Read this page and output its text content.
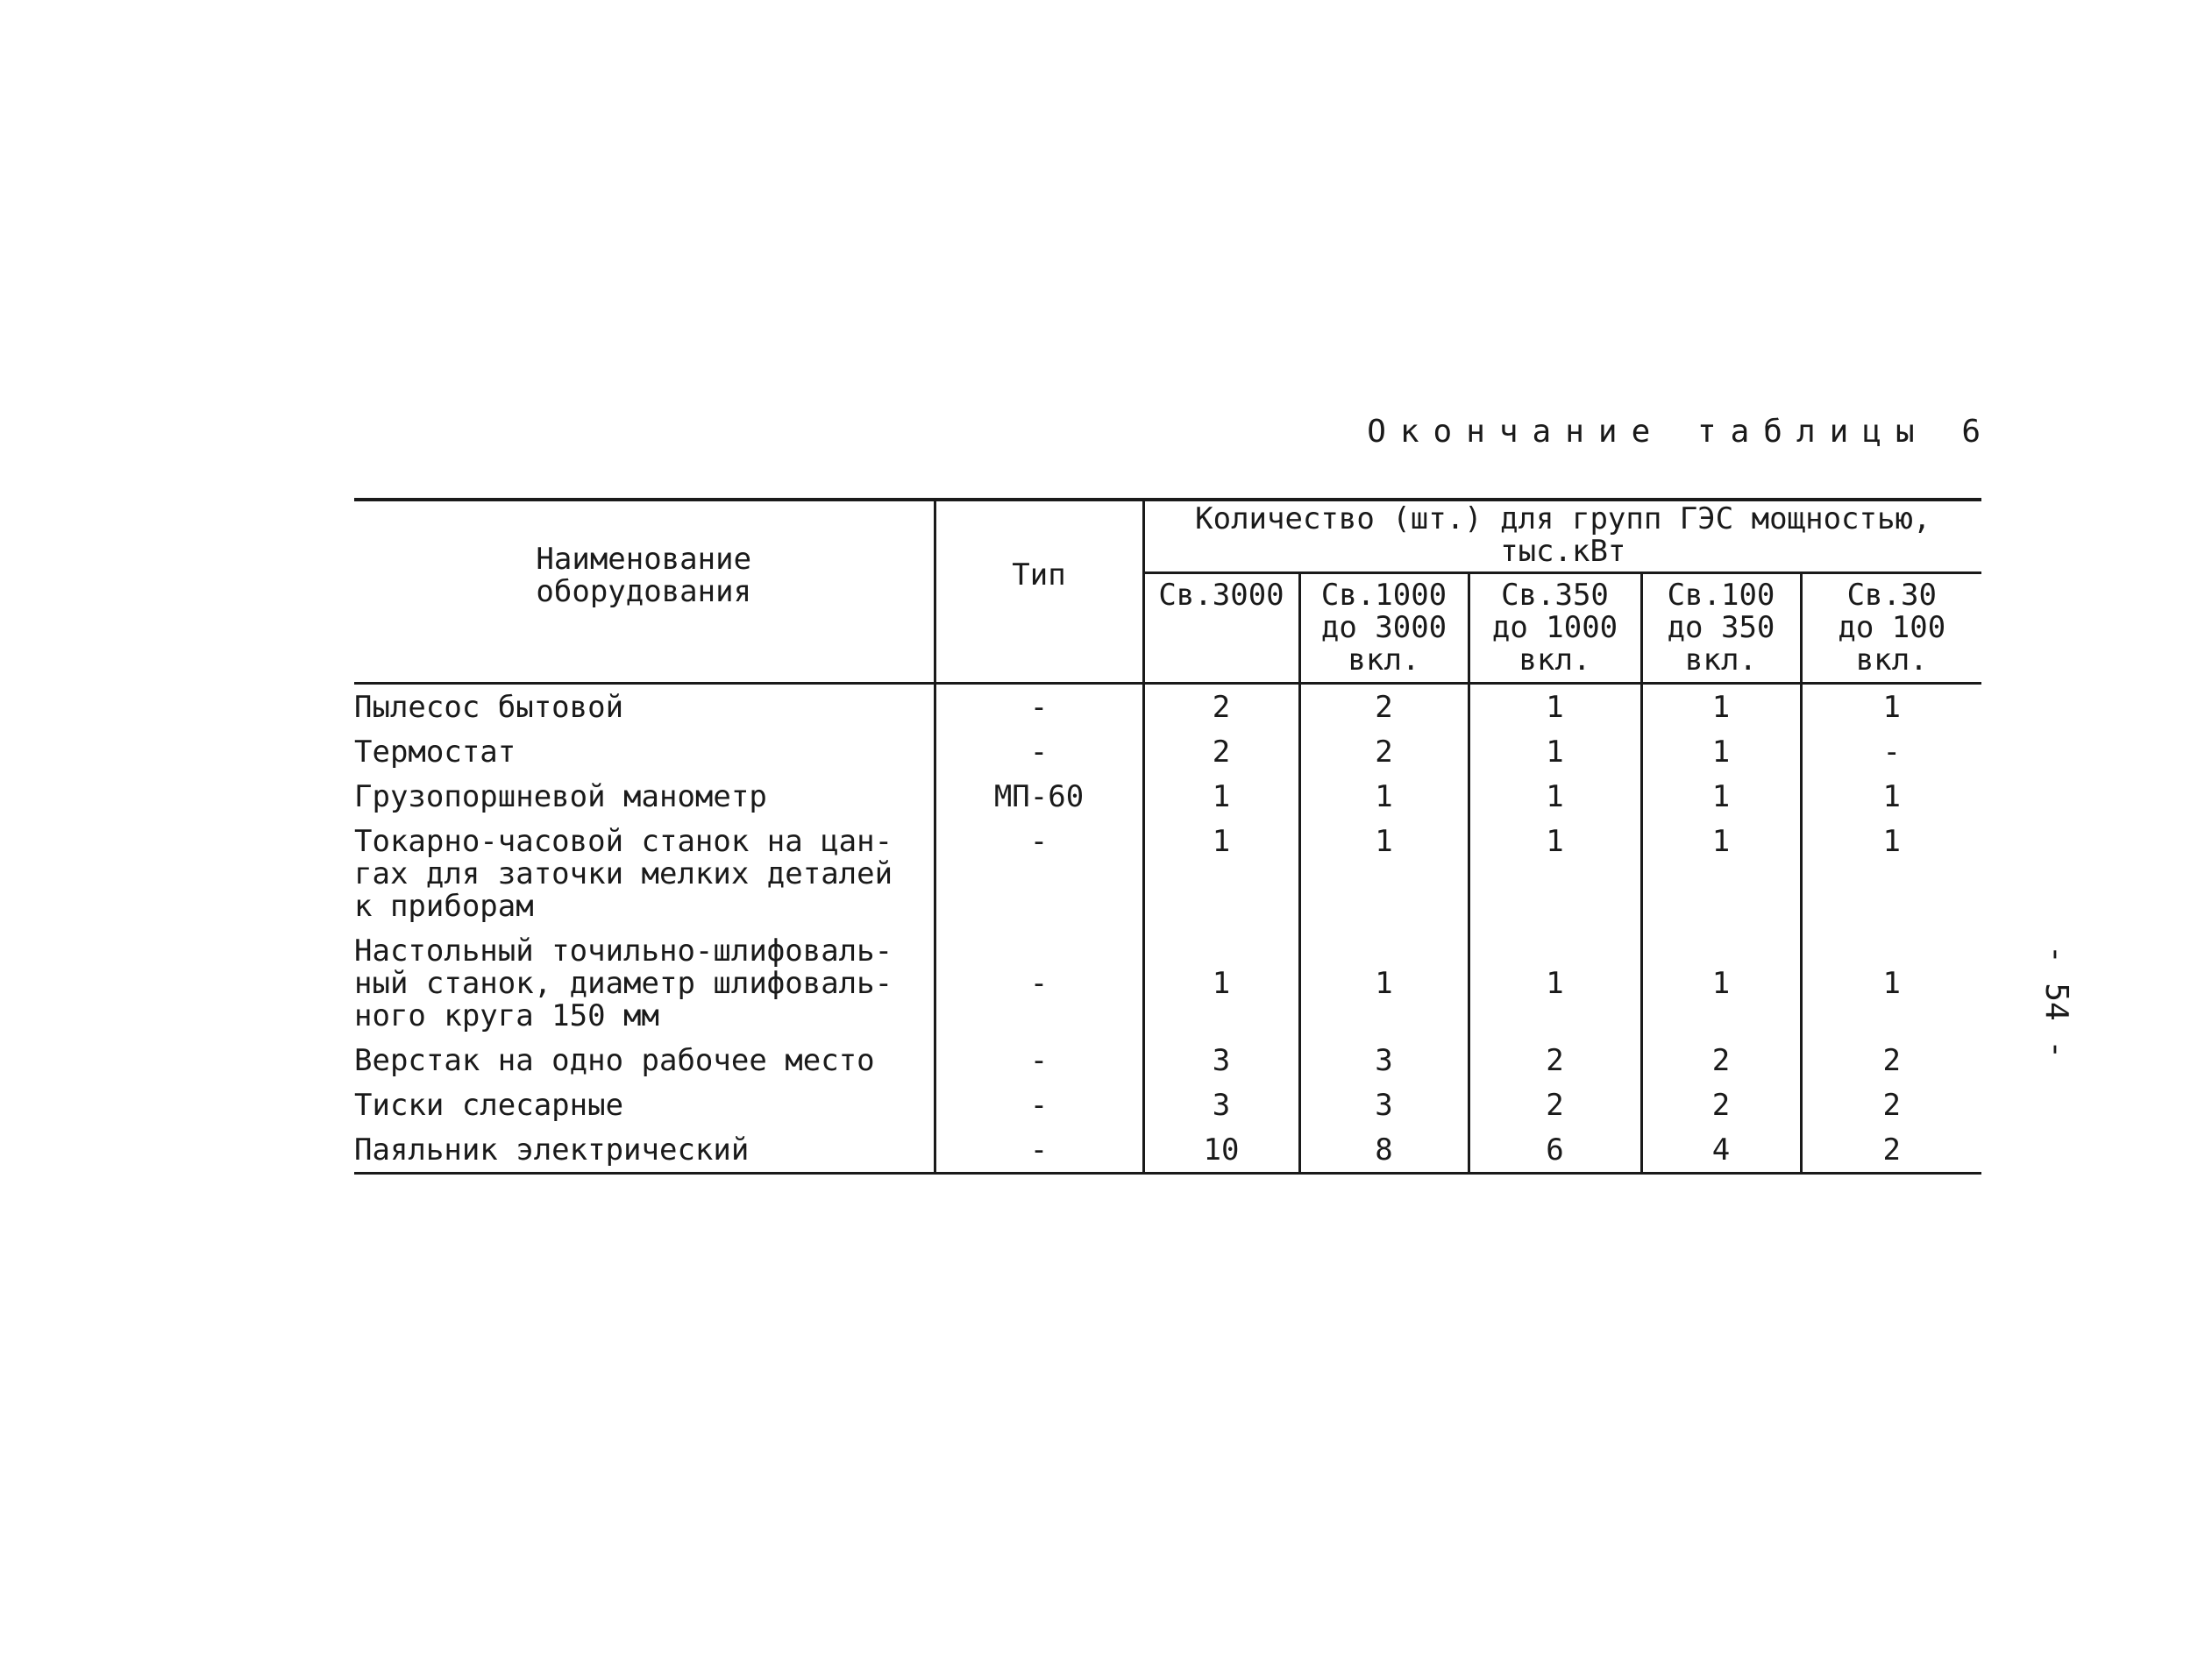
Окончание таблицы 6
Наименование
оборудования	Тип	Количество (шт.) для групп ГЭС мощностью,
тыс.кВт				
		Св.3000	Св.1000
до 3000
вкл.	Св.350
до 1000
вкл.	Св.100
до 350
вкл.	Св.30
до 100
вкл.
Пылесос бытовой	-	2	2	1	1	1
Термостат	-	2	2	1	1	-
Грузопоршневой манометр	МП-60	1	1	1	1	1
Токарно-часовой станок на цан-
гах для заточки мелких деталей
к приборам	-	1	1	1	1	1
Настольный точильно-шлифоваль-
ный станок, диаметр шлифоваль-
ного круга 150 мм	-	1	1	1	1	1
Верстак на одно рабочее место	-	3	3	2	2	2
Тиски слесарные	-	3	3	2	2	2
Паяльник электрический	-	10	8	6	4	2
- 54 -
